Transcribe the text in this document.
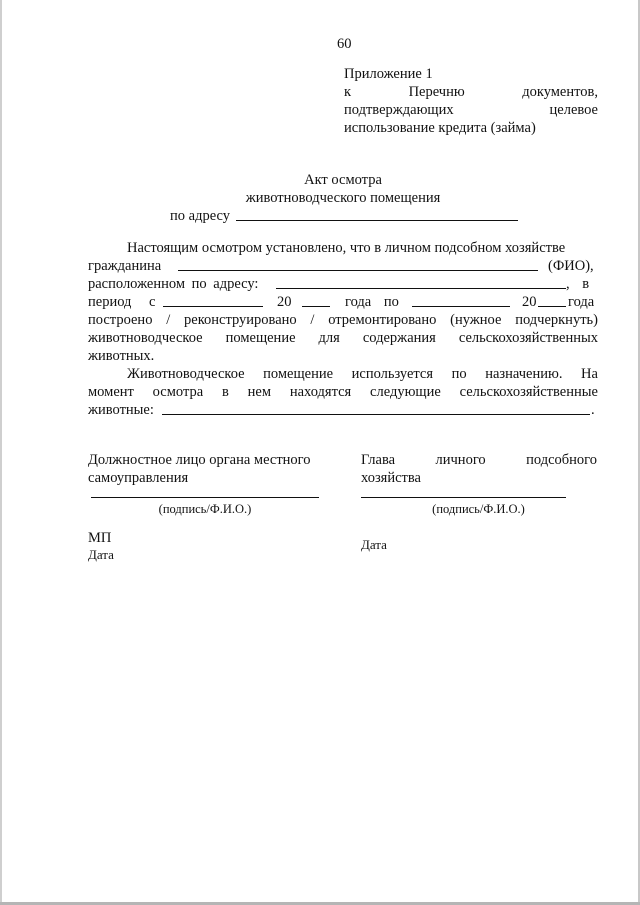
60
Приложение 1
к	Перечню	документов,
подтверждающих	целевое
использование кредита (займа)
Акт осмотра
животноводческого помещения
по адресу
Настоящим осмотром установлено, что в личном подсобном хозяйстве
гражданина	(ФИО),
расположенном по адресу:	, в
период с	20	года по	20 года
построено / реконструировано / отремонтировано (нужное подчеркнуть)
животноводческое помещение для содержания сельскохозяйственных
животных.
Животноводческое помещение используется по назначению. На
момент осмотра в нем находятся следующие сельскохозяйственные
животные:	.
Должностное лицо органа местного
самоуправления
Глава	личного	подсобного
хозяйства
(подпись/Ф.И.О.)	(подпись/Ф.И.О.)
МП
Дата
Дата
